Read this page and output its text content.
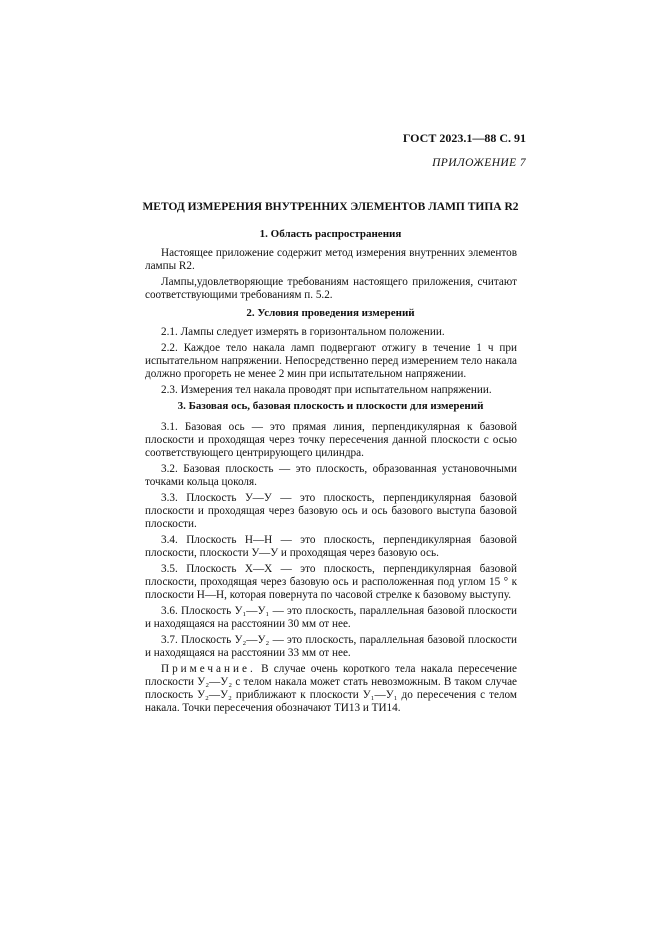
ГОСТ 2023.1—88 С. 91
ПРИЛОЖЕНИЕ 7
МЕТОД ИЗМЕРЕНИЯ ВНУТРЕННИХ ЭЛЕМЕНТОВ ЛАМП ТИПА R2
1. Область распространения

Настоящее приложение содержит метод измерения внутренних элементов лампы R2.

Лампы,удовлетворяющие требованиям настоящего приложения, считают соответствующими требованиям п. 5.2.

2. Условия проведения измерений

2.1. Лампы следует измерять в горизонтальном положении.

2.2. Каждое тело накала ламп подвергают отжигу в течение 1 ч при испытательном напряжении. Непосредственно перед измерением тело накала должно прогореть не менее 2 мин при испытательном напряжении.

2.3. Измерения тел накала проводят при испытательном напряжении.

3. Базовая ось, базовая плоскость и плоскости для измерений

3.1. Базовая ось — это прямая линия, перпендикулярная к базовой плоскости и проходящая через точку пересечения данной плоскости с осью соответствующего центрирующего цилиндра.

3.2. Базовая плоскость — это плоскость, образованная установочными точками кольца цоколя.

3.3. Плоскость У—У — это плоскость, перпендикулярная базовой плоскости и проходящая через базовую ось и ось базового выступа базовой плоскости.

3.4. Плоскость Н—Н — это плоскость, перпендикулярная базовой плоскости, плоскости У—У и проходящая через базовую ось.

3.5. Плоскость Х—Х — это плоскость, перпендикулярная базовой плоскости, проходящая через базовую ось и расположенная под углом 15 ° к плоскости Н—Н, которая повернута по часовой стрелке к базовому выступу.

3.6. Плоскость У₁—У₁ — это плоскость, параллельная базовой плоскости и находящаяся на расстоянии 30 мм от нее.

3.7. Плоскость У₂—У₂ — это плоскость, параллельная базовой плоскости и находящаяся на расстоянии 33 мм от нее.

Примечание. В случае очень короткого тела накала пересечение плоскости У₂—У₂ с телом накала может стать невозможным. В таком случае плоскость У₂—У₂ приближают к плоскости У₁—У₁ до пересечения с телом накала. Точки пересечения обозначают ТИ13 и ТИ14.
